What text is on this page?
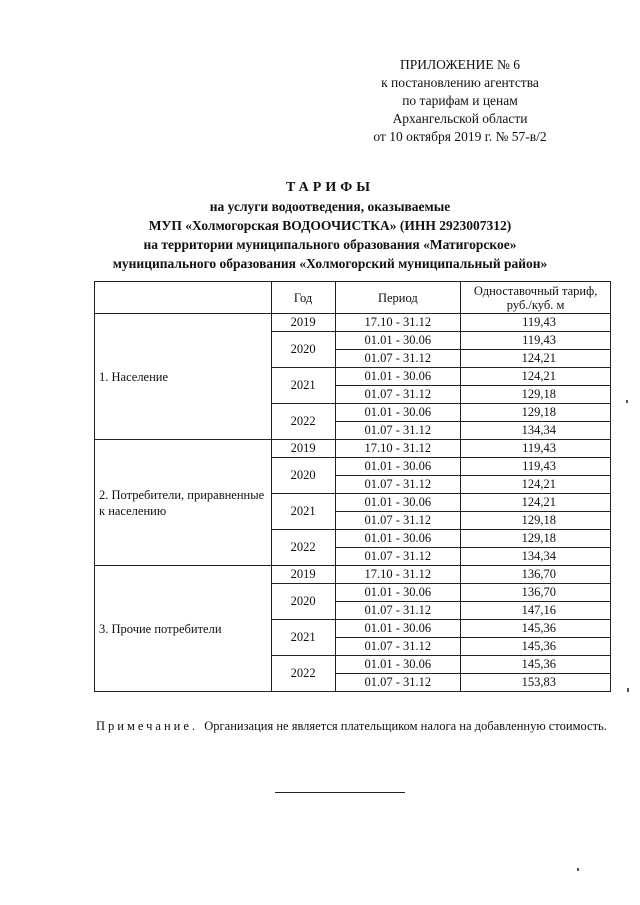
ПРИЛОЖЕНИЕ № 6
к постановлению агентства
по тарифам и ценам
Архангельской области
от 10 октября 2019 г. № 57-в/2
ТАРИФЫ
на услуги водоотведения, оказываемые
МУП «Холмогорская ВОДООЧИСТКА» (ИНН 2923007312)
на территории муниципального образования «Матигорское»
муниципального образования «Холмогорский муниципальный район»
	Год	Период	Одноставочный тариф, руб./куб. м
1. Население	2019	17.10 - 31.12	119,43
	2020	01.01 - 30.06	119,43
		01.07 - 31.12	124,21
	2021	01.01 - 30.06	124,21
		01.07 - 31.12	129,18
	2022	01.01 - 30.06	129,18
		01.07 - 31.12	134,34
2. Потребители, приравненные к населению	2019	17.10 - 31.12	119,43
	2020	01.01 - 30.06	119,43
		01.07 - 31.12	124,21
	2021	01.01 - 30.06	124,21
		01.07 - 31.12	129,18
	2022	01.01 - 30.06	129,18
		01.07 - 31.12	134,34
3. Прочие потребители	2019	17.10 - 31.12	136,70
	2020	01.01 - 30.06	136,70
		01.07 - 31.12	147,16
	2021	01.01 - 30.06	145,36
		01.07 - 31.12	145,36
	2022	01.01 - 30.06	145,36
		01.07 - 31.12	153,83
Примечание. Организация не является плательщиком налога на добавленную стоимость.
